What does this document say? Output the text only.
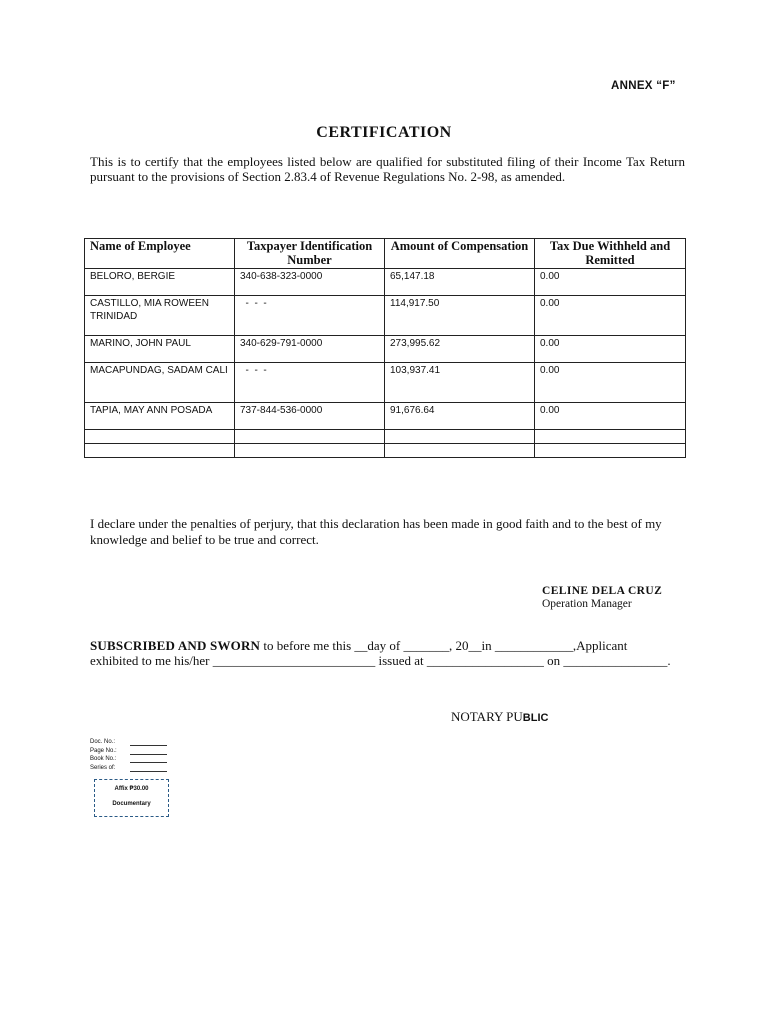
ANNEX “F”
CERTIFICATION
This is to certify that the employees listed below are qualified for substituted filing of their Income Tax Return pursuant to the provisions of Section 2.83.4 of Revenue Regulations No. 2-98, as amended.
Name of Employee	Taxpayer Identification Number	Amount of Compensation	Tax Due Withheld and Remitted
BELORO, BERGIE	340-638-323-0000	65,147.18	0.00
CASTILLO, MIA ROWEEN TRINIDAD	-  -  -	114,917.50	0.00
MARINO, JOHN PAUL	340-629-791-0000	273,995.62	0.00
MACAPUNDAG, SADAM CALI	-  -  -	103,937.41	0.00
TAPIA, MAY ANN POSADA	737-844-536-0000	91,676.64	0.00

I declare under the penalties of perjury, that this declaration has been made in good faith and to the best of my knowledge and belief to be true and correct.
CELINE DELA CRUZ
Operation Manager
SUBSCRIBED AND SWORN to before me this __day of _______, 20__in ____________,Applicant
exhibited to me his/her _________________________ issued at __________________ on ________________.
NOTARY PUBLIC
Doc. No.:
Page No.:
Book No.:
Series of:
Affix ₱30.00
Documentary
